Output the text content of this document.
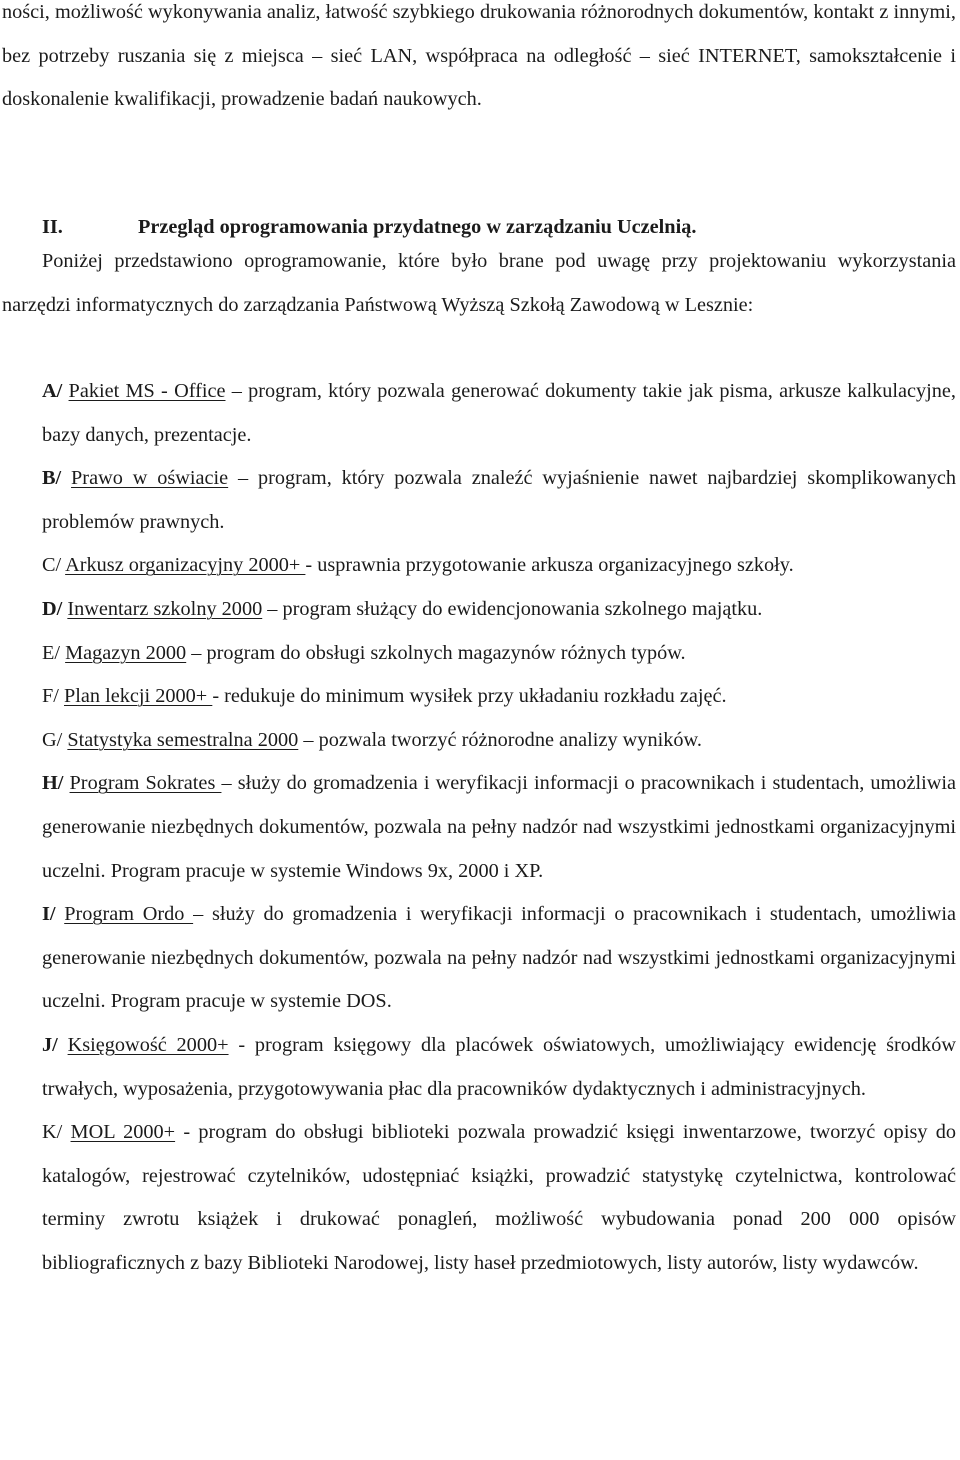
ności, możliwość wykonywania analiz, łatwość szybkiego drukowania różnorodnych dokumentów, kontakt z innymi, bez potrzeby ruszania się z miejsca – sieć LAN, współpraca na odległość – sieć INTERNET, samokształcenie i doskonalenie kwalifikacji, prowadzenie badań naukowych.

II.	Przegląd oprogramowania przydatnego w zarządzaniu Uczelnią.

Poniżej przedstawiono oprogramowanie, które było brane pod uwagę przy projektowaniu wykorzystania narzędzi informatycznych do zarządzania Państwową Wyższą Szkołą Zawodową w Lesznie:

A/ Pakiet MS - Office – program, który pozwala generować dokumenty takie jak pisma, arkusze kalkulacyjne, bazy danych, prezentacje.

B/ Prawo w oświacie – program, który pozwala znaleźć wyjaśnienie nawet najbardziej skomplikowanych problemów prawnych.

C/ Arkusz organizacyjny 2000+ - usprawnia przygotowanie arkusza organizacyjnego szkoły.

D/ Inwentarz szkolny 2000 – program służący do ewidencjonowania szkolnego majątku.

E/ Magazyn 2000 – program do obsługi szkolnych magazynów różnych typów.

F/ Plan lekcji 2000+ - redukuje do minimum wysiłek przy układaniu rozkładu zajęć.

G/ Statystyka semestralna 2000 – pozwala tworzyć różnorodne analizy wyników.

H/ Program Sokrates – służy do gromadzenia i weryfikacji informacji o pracownikach i studentach, umożliwia generowanie niezbędnych dokumentów, pozwala na pełny nadzór nad wszystkimi jednostkami organizacyjnymi uczelni. Program pracuje w systemie Windows 9x, 2000 i XP.

I/ Program Ordo – służy do gromadzenia i weryfikacji informacji o pracownikach i studentach, umożliwia generowanie niezbędnych dokumentów, pozwala na pełny nadzór nad wszystkimi jednostkami organizacyjnymi uczelni. Program pracuje w systemie DOS.

J/ Księgowość 2000+ - program księgowy dla placówek oświatowych, umożliwiający ewidencję środków trwałych, wyposażenia, przygotowywania płac dla pracowników dydaktycznych i administracyjnych.

K/ MOL 2000+ - program do obsługi biblioteki pozwala prowadzić księgi inwentarzowe, tworzyć opisy do katalogów, rejestrować czytelników, udostępniać książki, prowadzić statystykę czytelnictwa, kontrolować terminy zwrotu książek i drukować ponagleń, możliwość wybudowania ponad 200 000 opisów bibliograficznych z bazy Biblioteki Narodowej, listy haseł przedmiotowych, listy autorów, listy wydawców.
